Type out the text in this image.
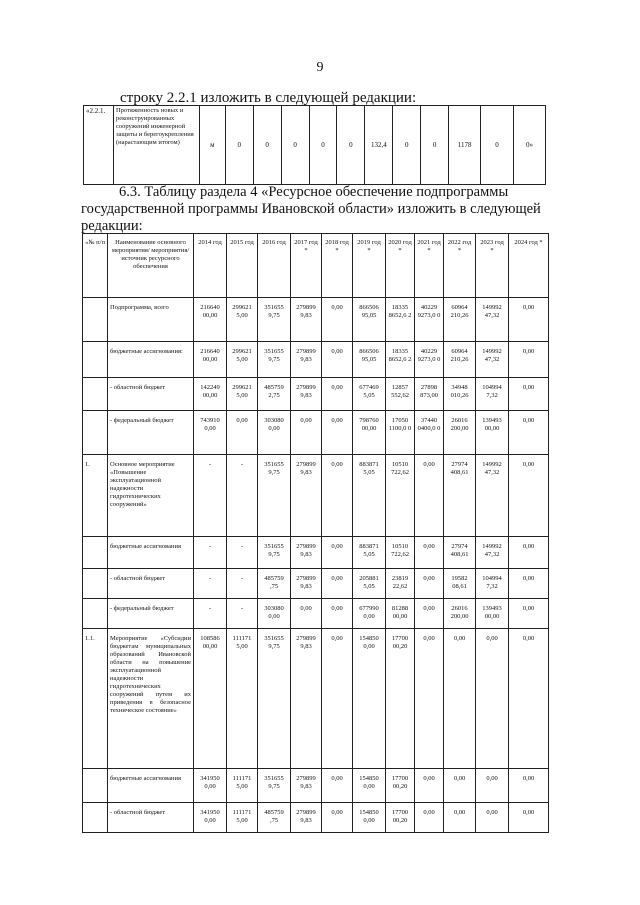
9
строку 2.2.1 изложить в следующей редакции:
«2.2.1.	Протяженность новых и реконструированных сооружений инженерной защиты и берегоукрепления (нарастающим итогом)	м	0	0	0	0	0	132,4	0	0	1178	0	0»
6.3. Таблицу раздела 4 «Ресурсное обеспечение подпрограммы
государственной программы Ивановской области» изложить в следующей
редакции:
«№ п/п	Наименование основного мероприятия/ мероприятия/источник ресурсного обеспечения	2014 год	2015 год	2016 год	2017 год *	2018 год *	2019 год *	2020 год *	2021 год *	2022 год *	2023 год *	2024 год *
	Подпрограмма, всего	216640 00,00	299621 5,00	351655 9,75	279899 9,83	0,00	866506 95,05	18335 8652,6 2	40229 9273,0 0	60964 210,26	149992 47,32	0,00
	бюджетные ассигнования:	216640 00,00	299621 5,00	351655 9,75	279899 9,83	0,00	866506 95,05	18335 8652,6 2	40229 9273,0 0	60964 210,26	149992 47,32	0,00
	- областной бюджет	142249 00,00	299621 5,00	485759 2,75	279899 9,83	0,00	677469 5,05	12857 552,62	27898 873,00	34948 010,26	104994 7,32	0,00
	- федеральный бюджет	743910 0,00	0,00	303080 0,00	0,00	0,00	798760 00,00	17050 1100,0 0	37440 0400,0 0	26016 200,00	139493 00,00	0,00
1.	Основное мероприятие «Повышение эксплуатационной надежности гидротехнических сооружений»	-	-	351655 9,75	279899 9,83	0,00	883871 5,05	10510 722,62	0,00	27974 408,61	149992 47,32	0,00
	бюджетные ассигнования	-	-	351655 9,75	279899 9,83	0,00	883871 5,05	10510 722,62	0,00	27974 408,61	149992 47,32	0,00
	- областной бюджет	-	-	485759 ,75	279899 9,83	0,00	205881 5,05	23819 22,62	0,00	19582 08,61	104994 7,32	0,00
	- федеральный бюджет	-	-	303080 0,00	0,00	0,00	677990 0,00	81288 00,00	0,00	26016 200,00	139493 00,00	0,00
1.1.	Мероприятие «Субсидии бюджетам муниципальных образований Ивановской области на повышение эксплуатационной надежности гидротехнических сооружений путем их приведения в безопасное техническое состояние»	108586 00,00	111171 5,00	351655 9,75	279899 9,83	0,00	154850 0,00	17700 00,20	0,00	0,00	0,00	0,00
	бюджетные ассигнования	341950 0,00	111171 5,00	351655 9,75	279899 9,83	0,00	154850 0,00	17700 00,20	0,00	0,00	0,00	0,00
	- областной бюджет	341950 0,00	111171 5,00	485759 ,75	279899 9,83	0,00	154850 0,00	17700 00,20	0,00	0,00	0,00	0,00
